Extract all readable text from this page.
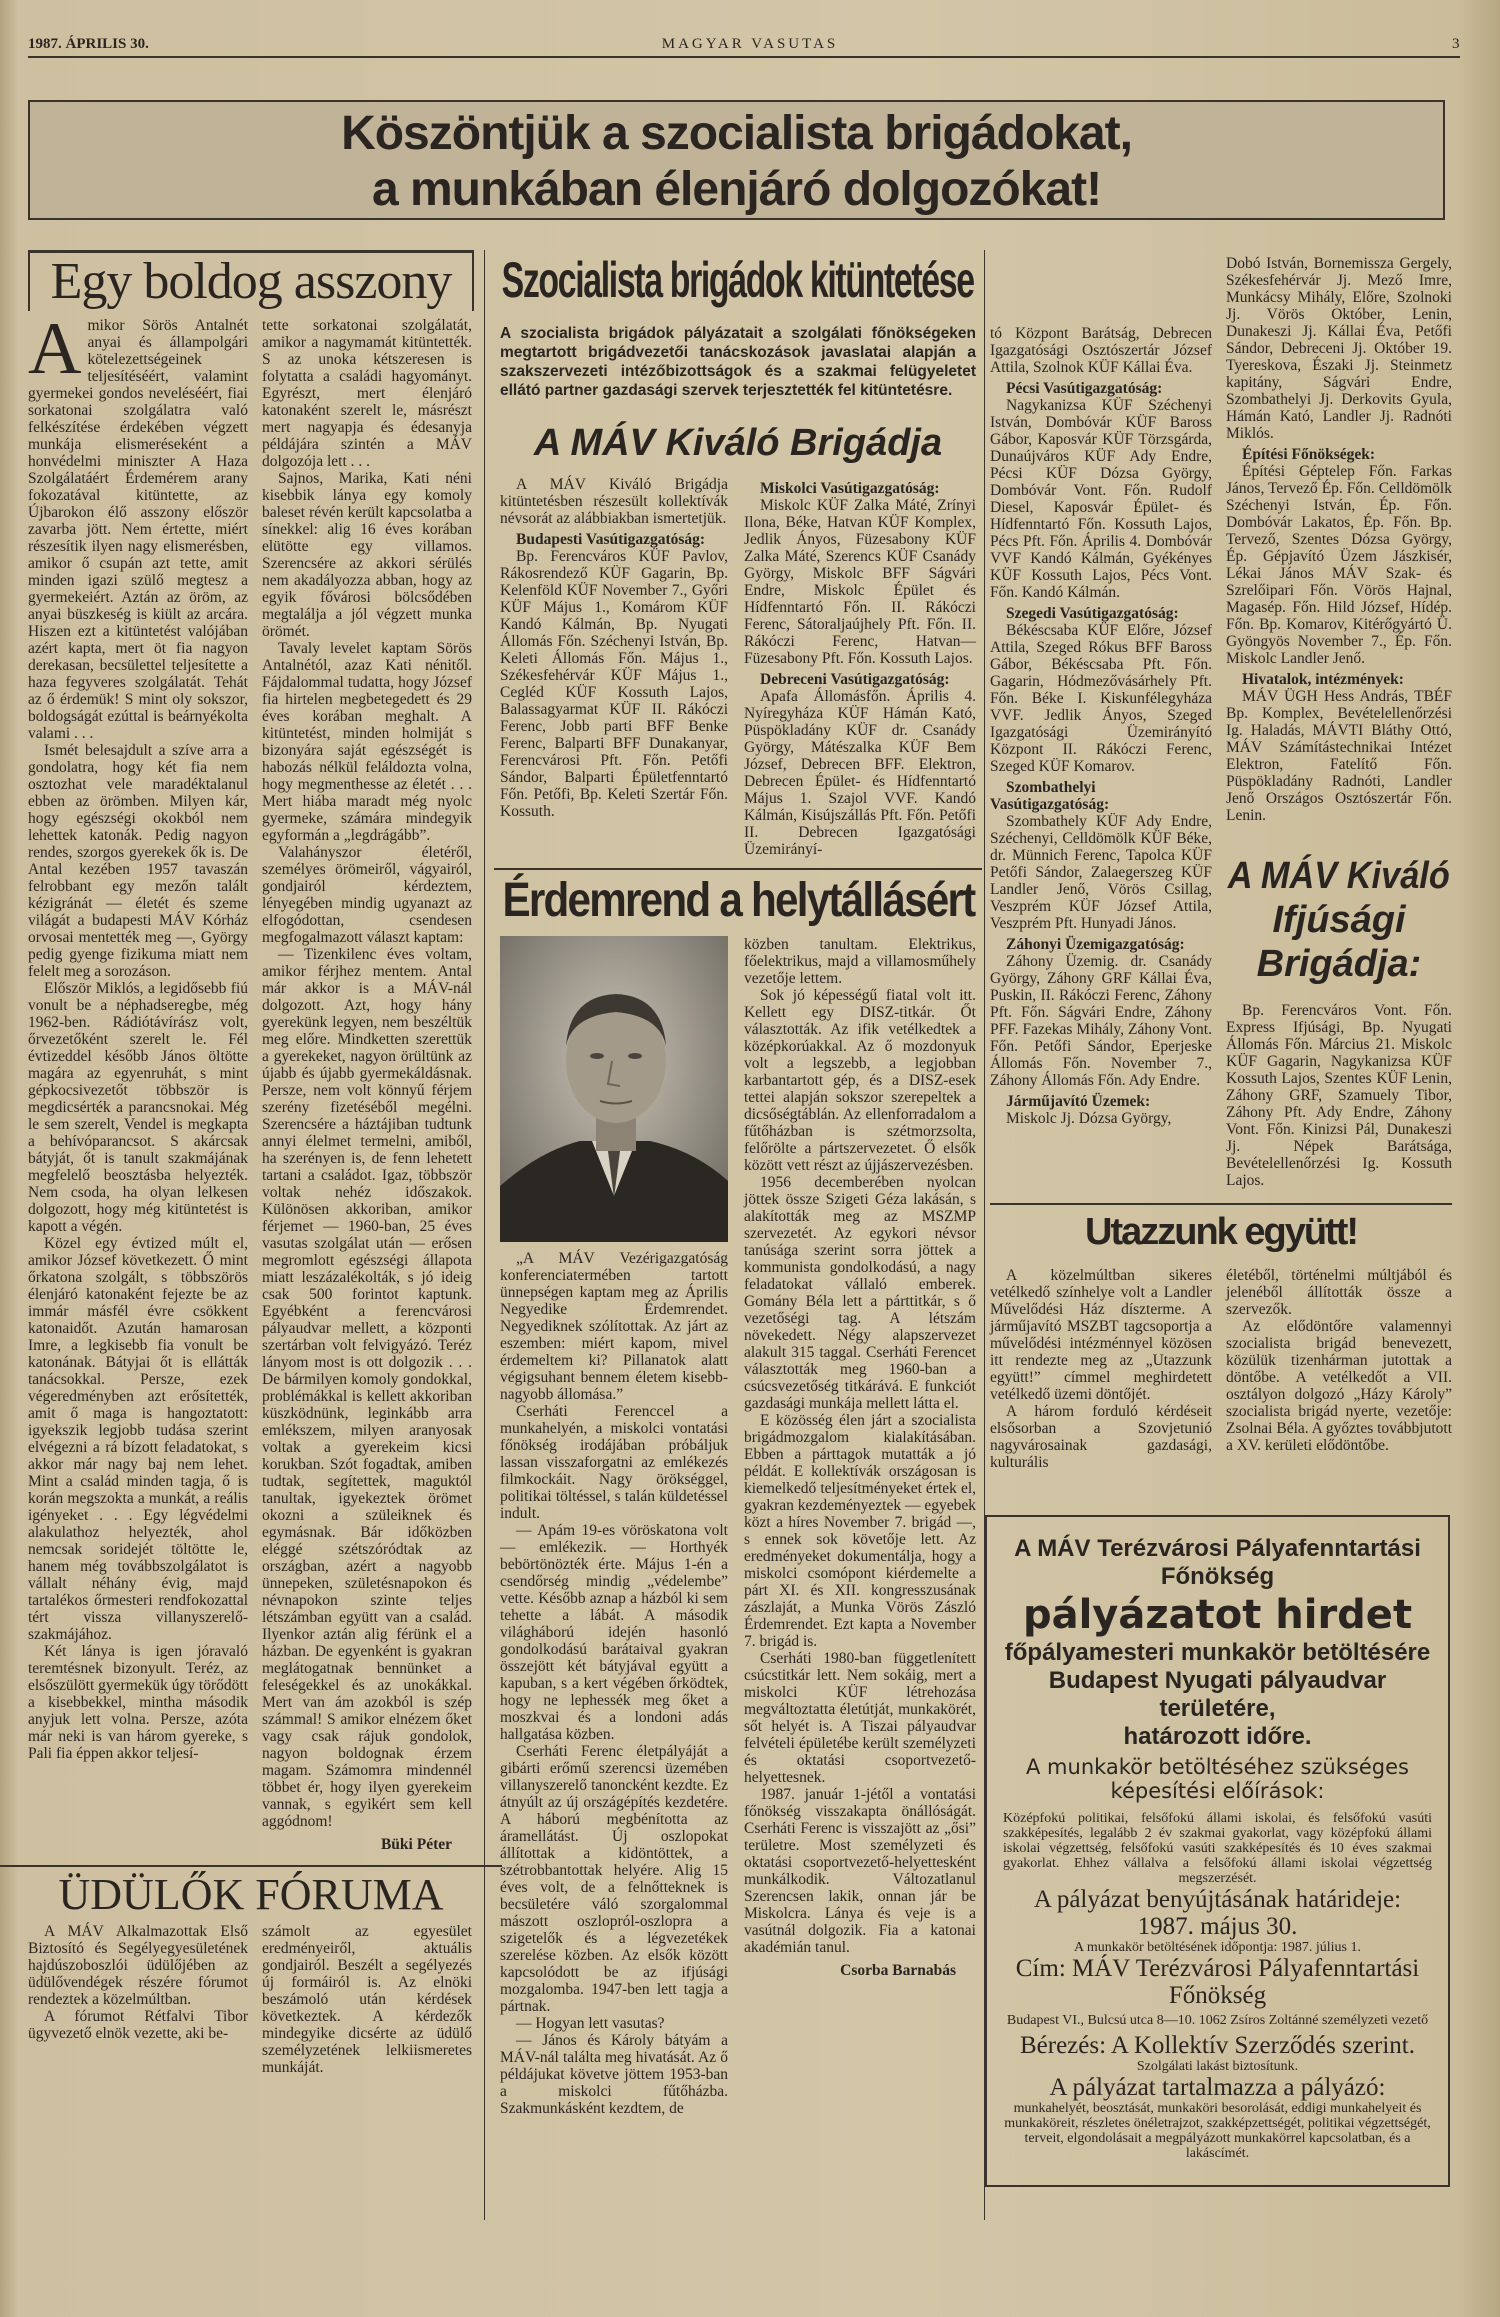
1987. ÁPRILIS 30.	MAGYAR VASUTAS	3
Köszöntjük a szocialista brigádokat,
a munkában élenjáró dolgozókat!
Egy boldog asszony

Amikor Sörös Antalnét anyai és állampolgári kötelezettségeinek teljesítéséért, valamint gyermekei gondos neveléséért, fiai sorkatonai szolgálatra való felkészítése érdekében végzett munkája elismeréseként a honvédelmi miniszter A Haza Szolgálatáért Érdemérem arany fokozatával kitüntette, az Újbarokon élő asszony először zavarba jött. Nem értette, miért részesítik ilyen nagy elismerésben, amikor ő csupán azt tette, amit minden igazi szülő megtesz a gyermekeiért. Aztán az öröm, az anyai büszkeség is kiült az arcára. Hiszen ezt a kitüntetést valójában azért kapta, mert öt fia nagyon derekasan, becsülettel teljesítette a haza fegyveres szolgálatát. Tehát az ő érdemük! S mint oly sokszor, boldogságát ezúttal is beárnyékolta valami . . .

Ismét belesajdult a szíve arra a gondolatra, hogy két fia nem osztozhat vele maradéktalanul ebben az örömben. Milyen kár, hogy egészségi okokból nem lehettek katonák. Pedig nagyon rendes, szorgos gyerekek ők is. De Antal kezében 1957 tavaszán felrobbant egy mezőn talált kézigránát — életét és szeme világát a budapesti MÁV Kórház orvosai mentették meg —, György pedig gyenge fizikuma miatt nem felelt meg a sorozáson.

Először Miklós, a legidősebb fiú vonult be a néphadseregbe, még 1962-ben. Rádiótávírász volt, őrvezetőként szerelt le. Fél évtizeddel később János öltötte magára az egyenruhát, s mint gépkocsivezetőt többször is megdicsérték a parancsnokai. Még le sem szerelt, Vendel is megkapta a behívóparancsot. S akárcsak bátyját, őt is tanult szakmájának megfelelő beosztásba helyezték. Nem csoda, ha olyan lelkesen dolgozott, hogy még kitüntetést is kapott a végén.

Közel egy évtized múlt el, amikor József következett. Ő mint őrkatona szolgált, s többszörös élenjáró katonaként fejezte be az immár másfél évre csökkent katonaidőt. Azután hamarosan Imre, a legkisebb fia vonult be katonának. Bátyjai őt is ellátták tanácsokkal. Persze, ezek végeredményben azt erősítették, amit ő maga is hangoztatott: igyekszik legjobb tudása szerint elvégezni a rá bízott feladatokat, s akkor már nagy baj nem lehet. Mint a család minden tagja, ő is korán megszokta a munkát, a reális igényeket . . . Egy légvédelmi alakulathoz helyezték, ahol nemcsak soridejét töltötte le, hanem még továbbszolgálatot is vállalt néhány évig, majd tartalékos őrmesteri rendfokozattal tért vissza villanyszerelő-szakmájához.

Két lánya is igen jóravaló teremtésnek bizonyult. Teréz, az elsőszülött gyermekük úgy törődött a kisebbekkel, mintha második anyjuk lett volna. Persze, azóta már neki is van három gyereke, s Pali fia éppen akkor teljesí-

tette sorkatonai szolgálatát, amikor a nagymamát kitüntették. S az unoka kétszeresen is folytatta a családi hagyományt. Egyrészt, mert élenjáró katonaként szerelt le, másrészt mert nagyapja és édesanyja példájára szintén a MÁV dolgozója lett . . .

Sajnos, Marika, Kati néni kisebbik lánya egy komoly baleset révén került kapcsolatba a sínekkel: alig 16 éves korában elütötte egy villamos. Szerencsére az akkori sérülés nem akadályozza abban, hogy az egyik fővárosi bölcsődében megtalálja a jól végzett munka örömét.

Tavaly levelet kaptam Sörös Antalnétól, azaz Kati nénitől. Fájdalommal tudatta, hogy József fia hirtelen megbetegedett és 29 éves korában meghalt. A kitüntetést, minden holmiját s bizonyára saját egészségét is habozás nélkül feláldozta volna, hogy megmenthesse az életét . . . Mert hiába maradt még nyolc gyermeke, számára mindegyik egyformán a „legdrágább”.

Valahányszor életéről, személyes örömeiről, vágyairól, gondjairól kérdeztem, lényegében mindig ugyanazt az elfogódottan, csendesen megfogalmazott választ kaptam:

— Tizenkilenc éves voltam, amikor férjhez mentem. Antal már akkor is a MÁV-nál dolgozott. Azt, hogy hány gyerekünk legyen, nem beszéltük meg előre. Mindketten szerettük a gyerekeket, nagyon örültünk az újabb és újabb gyermekáldásnak. Persze, nem volt könnyű férjem szerény fizetéséből megélni. Szerencsére a háztájiban tudtunk annyi élelmet termelni, amiből, ha szerényen is, de fenn lehetett tartani a családot. Igaz, többször voltak nehéz időszakok. Különösen akkoriban, amikor férjemet — 1960-ban, 25 éves vasutas szolgálat után — erősen megromlott egészségi állapota miatt leszázalékolták, s jó ideig csak 500 forintot kaptunk. Egyébként a ferencvárosi pályaudvar mellett, a központi szertárban volt felvigyázó. Teréz lányom most is ott dolgozik . . . De bármilyen komoly gondokkal, problémákkal is kellett akkoriban küszködnünk, leginkább arra emlékszem, milyen aranyosak voltak a gyerekeim kicsi korukban. Szót fogadtak, amiben tudtak, segítettek, maguktól tanultak, igyekeztek örömet okozni a szüleiknek és egymásnak. Bár időközben eléggé szétszóródtak az országban, azért a nagyobb ünnepeken, születésnapokon és névnapokon szinte teljes létszámban együtt van a család. Ilyenkor aztán alig férünk el a házban. De egyenként is gyakran meglátogatnak bennünket a feleségekkel és az unokákkal. Mert van ám azokból is szép számmal! S amikor elnézem őket vagy csak rájuk gondolok, nagyon boldognak érzem magam. Számomra mindennél többet ér, hogy ilyen gyerekeim vannak, s egyikért sem kell aggódnom!

Büki Péter
ÜDÜLŐK FÓRUMA

A MÁV Alkalmazottak Első Biztosító és Segélyegyesületének hajdúszoboszlói üdülőjében az üdülővendégek részére fórumot rendeztek a közelmúltban.

A fórumot Rétfalvi Tibor ügyvezető elnök vezette, aki be-

számolt az egyesület eredményeiről, aktuális gondjairól. Beszélt a segélyezés új formáiról is. Az elnöki beszámoló után kérdések következtek. A kérdezők mindegyike dicsérte az üdülő személyzetének lelkiismeretes munkáját.

Szocialista brigádok kitüntetése
A szocialista brigádok pályázatait a szolgálati főnökségeken megtartott brigádvezetői tanácskozások javaslatai alapján a szakszervezeti intézőbizottságok és a szakmai felügyeletet ellátó partner gazdasági szervek terjesztették fel kitüntetésre.
A MÁV Kiváló Brigádja

A MÁV Kiváló Brigádja kitüntetésben részesült kollektívák névsorát az alábbiakban ismertetjük.

Budapesti Vasútigazgatóság:

Bp. Ferencváros KÜF Pavlov, Rákosrendező KÜF Gagarin, Bp. Kelenföld KÜF November 7., Győri KÜF Május 1., Komárom KÜF Kandó Kálmán, Bp. Nyugati Állomás Főn. Széchenyi István, Bp. Keleti Állomás Főn. Május 1., Székesfehérvár KÜF Május 1., Cegléd KÜF Kossuth Lajos, Balassagyarmat KÜF II. Rákóczi Ferenc, Jobb parti BFF Benke Ferenc, Balparti BFF Dunakanyar, Ferencvárosi Pft. Főn. Petőfi Sándor, Balparti Épületfenntartó Főn. Petőfi, Bp. Keleti Szertár Főn. Kossuth.

Miskolci Vasútigazgatóság:

Miskolc KÜF Zalka Máté, Zrínyi Ilona, Béke, Hatvan KÜF Komplex, Jedlik Ányos, Füzesabony KÜF Zalka Máté, Szerencs KÜF Csanády György, Miskolc BFF Ságvári Endre, Miskolc Épület és Hídfenntartó Főn. II. Rákóczi Ferenc, Sátoraljaújhely Pft. Főn. II. Rákóczi Ferenc, Hatvan—Füzesabony Pft. Főn. Kossuth Lajos.

Debreceni Vasútigazgatóság:

Apafa Állomásfőn. Április 4. Nyíregyháza KÜF Hámán Kató, Püspökladány KÜF dr. Csanády György, Mátészalka KÜF Bem József, Debrecen BFF. Elektron, Debrecen Épület- és Hídfenntartó Május 1. Szajol VVF. Kandó Kálmán, Kisújszállás Pft. Főn. Petőfi II. Debrecen Igazgatósági Üzemirányí-

Érdemrend a helytállásért

„A MÁV Vezérigazgatóság konferenciatermében tartott ünnepségen kaptam meg az Április Negyedike Érdemrendet. Negyediknek szólítottak. Az járt az eszemben: miért kapom, mivel érdemeltem ki? Pillanatok alatt végigsuhant bennem életem kisebb-nagyobb állomása.”

Cserháti Ferenccel a munkahelyén, a miskolci vontatási főnökség irodájában próbáljuk lassan visszaforgatni az emlékezés filmkockáit. Nagy örökséggel, politikai töltéssel, s talán küldetéssel indult.

— Apám 19-es vöröskatona volt — emlékezik. — Horthyék bebörtönözték érte. Május 1-én a csendőrség mindig „védelembe” vette. Később aznap a házból ki sem tehette a lábát. A második világháború idején hasonló gondolkodású barátaival gyakran összejött két bátyjával együtt a kapuban, s a kert végében őrködtek, hogy ne lephessék meg őket a moszkvai és a londoni adás hallgatása közben.

Cserháti Ferenc életpályáját a gibárti erőmű szerencsi üzemében villanyszerelő tanoncként kezdte. Ez átnyúlt az új országépítés kezdetére. A háború megbénította az áramellátást. Új oszlopokat állítottak a kidöntöttek, a szétrobbantottak helyére. Alig 15 éves volt, de a felnőtteknek is becsületére váló szorgalommal mászott oszlopról-oszlopra a szigetelők és a légvezetékek szerelése közben. Az elsők között kapcsolódott be az ifjúsági mozgalomba. 1947-ben lett tagja a pártnak.

— Hogyan lett vasutas?

— János és Károly bátyám a MÁV-nál találta meg hivatását. Az ő példájukat követve jöttem 1953-ban a miskolci fűtőházba. Szakmunkásként kezdtem, de

közben tanultam. Elektrikus, főelektrikus, majd a villamosműhely vezetője lettem.

Sok jó képességű fiatal volt itt. Kellett egy DISZ-titkár. Őt választották. Az ifik vetélkedtek a középkorúakkal. Az ő mozdonyuk volt a legszebb, a legjobban karbantartott gép, és a DISZ-esek tettei alapján sokszor szerepeltek a dicsőségtáblán. Az ellenforradalom a fűtőházban is szétmorzsolta, felőrölte a pártszervezetet. Ő elsők között vett részt az újjászervezésben.

1956 decemberében nyolcan jöttek össze Szigeti Géza lakásán, s alakították meg az MSZMP szervezetét. Az egykori névsor tanúsága szerint sorra jöttek a kommunista gondolkodású, a nagy feladatokat vállaló emberek. Gomány Béla lett a párttitkár, s ő vezetőségi tag. A létszám növekedett. Négy alapszervezet alakult 315 taggal. Cserháti Ferencet választották meg 1960-ban a csúcsvezetőség titkárává. E funkciót gazdasági munkája mellett látta el.

E közösség élen járt a szocialista brigádmozgalom kialakításában. Ebben a párttagok mutatták a jó példát. E kollektívák országosan is kiemelkedő teljesítményeket értek el, gyakran kezdeményeztek — egyebek közt a híres November 7. brigád —, s ennek sok követője lett. Az eredményeket dokumentálja, hogy a miskolci csomópont kiérdemelte a párt XI. és XII. kongresszusának zászlaját, a Munka Vörös Zászló Érdemrendet. Ezt kapta a November 7. brigád is.

Cserháti 1980-ban függetlenített csúcstitkár lett. Nem sokáig, mert a miskolci KÜF létrehozása megváltoztatta életútját, munkakörét, sőt helyét is. A Tiszai pályaudvar felvételi épületébe került személyzeti és oktatási csoportvezető-helyettesnek.

1987. január 1-jétől a vontatási főnökség visszakapta önállóságát. Cserháti Ferenc is visszajött az „ősi” területre. Most személyzeti és oktatási csoportvezető-helyettesként munkálkodik. Változatlanul Szerencsen lakik, onnan jár be Miskolcra. Lánya és veje is a vasútnál dolgozik. Fia a katonai akadémián tanul.

Csorba Barnabás

tó Központ Barátság, Debrecen Igazgatósági Osztószertár József Attila, Szolnok KÜF Kállai Éva.

Pécsi Vasútigazgatóság:

Nagykanizsa KÜF Széchenyi István, Dombóvár KÜF Baross Gábor, Kaposvár KÜF Törzsgárda, Dunaújváros KÜF Ady Endre, Pécsi KÜF Dózsa György, Dombóvár Vont. Főn. Rudolf Diesel, Kaposvár Épület- és Hídfenntartó Főn. Kossuth Lajos, Pécs Pft. Főn. Április 4. Dombóvár VVF Kandó Kálmán, Gyékényes KÜF Kossuth Lajos, Pécs Vont. Főn. Kandó Kálmán.

Szegedi Vasútigazgatóság:

Békéscsaba KÜF Előre, József Attila, Szeged Rókus BFF Baross Gábor, Békéscsaba Pft. Főn. Gagarin, Hódmezővásárhely Pft. Főn. Béke I. Kiskunfélegyháza VVF. Jedlik Ányos, Szeged Igazgatósági Üzemirányító Központ II. Rákóczi Ferenc, Szeged KÜF Komarov.

Szombathelyi Vasútigazgatóság:

Szombathely KÜF Ady Endre, Széchenyi, Celldömölk KÜF Béke, dr. Münnich Ferenc, Tapolca KÜF Petőfi Sándor, Zalaegerszeg KÜF Landler Jenő, Vörös Csillag, Veszprém KÜF József Attila, Veszprém Pft. Hunyadi János.

Záhonyi Üzemigazgatóság:

Záhony Üzemig. dr. Csanády György, Záhony GRF Kállai Éva, Puskin, II. Rákóczi Ferenc, Záhony Pft. Főn. Ságvári Endre, Záhony PFF. Fazekas Mihály, Záhony Vont. Főn. Petőfi Sándor, Eperjeske Állomás Főn. November 7., Záhony Állomás Főn. Ady Endre.

Járműjavító Üzemek:

Miskolc Jj. Dózsa György,

Dobó István, Bornemissza Gergely, Székesfehérvár Jj. Mező Imre, Munkácsy Mihály, Előre, Szolnoki Jj. Vörös Október, Lenin, Dunakeszi Jj. Kállai Éva, Petőfi Sándor, Debreceni Jj. Október 19. Tyereskova, Északi Jj. Steinmetz kapitány, Ságvári Endre, Szombathelyi Jj. Derkovits Gyula, Hámán Kató, Landler Jj. Radnóti Miklós.

Építési Főnökségek:

Építési Géptelep Főn. Farkas János, Tervező Ép. Főn. Celldömölk Széchenyi István, Ép. Főn. Dombóvár Lakatos, Ép. Főn. Bp. Tervező, Szentes Dózsa György, Ép. Gépjavító Üzem Jászkisér, Lékai János MÁV Szak- és Szrelőipari Főn. Vörös Hajnal, Magasép. Főn. Hild József, Hídép. Főn. Bp. Komarov, Kitérőgyártó Ü. Gyöngyös November 7., Ép. Főn. Miskolc Landler Jenő.

Hivatalok, intézmények:

MÁV ÜGH Hess András, TBÉF Bp. Komplex, Bevételellenőrzési Ig. Haladás, MÁVTI Bláthy Ottó, MÁV Számítástechnikai Intézet Elektron, Fatelítő Főn. Püspökladány Radnóti, Landler Jenő Országos Osztószertár Főn. Lenin.

A MÁV Kiváló
Ifjúsági
Brigádja:

Bp. Ferencváros Vont. Főn. Express Ifjúsági, Bp. Nyugati Állomás Főn. Március 21. Miskolc KÜF Gagarin, Nagykanizsa KÜF Kossuth Lajos, Szentes KÜF Lenin, Záhony GRF, Szamuely Tibor, Záhony Pft. Ady Endre, Záhony Vont. Főn. Kinizsi Pál, Dunakeszi Jj. Népek Barátsága, Bevételellenőrzési Ig. Kossuth Lajos.

Utazzunk együtt!

A közelmúltban sikeres vetélkedő színhelye volt a Landler Művelődési Ház díszterme. A járműjavító MSZBT tagcsoportja a művelődési intézménnyel közösen itt rendezte meg az „Utazzunk együtt!” címmel meghirdetett vetélkedő üzemi döntőjét.

A három forduló kérdéseit elsősorban a Szovjetunió nagyvárosainak gazdasági, kulturális

életéből, történelmi múltjából és jelenéből állították össze a szervezők.

Az elődöntőre valamennyi szocialista brigád benevezett, közülük tizenhárman jutottak a döntőbe. A vetélkedőt a VII. osztályon dolgozó „Házy Károly” szocialista brigád nyerte, vezetője: Zsolnai Béla. A győztes továbbjutott a XV. kerületi elődöntőbe.

A MÁV Terézvárosi Pályafenntartási Főnökség
pályázatot hirdet
főpályamesteri munkakör betöltésére Budapest Nyugati pályaudvar területére,
határozott időre.
A munkakör betöltéséhez szükséges képesítési előírások:
Középfokú politikai, felsőfokú állami iskolai, és felsőfokú vasúti szakképesítés, legalább 2 év szakmai gyakorlat, vagy középfokú állami iskolai végzettség, felsőfokú vasúti szakképesítés és 10 éves szakmai gyakorlat. Ehhez vállalva a felsőfokú állami iskolai végzettség megszerzését.
A pályázat benyújtásának határideje:
1987. május 30.
A munkakör betöltésének időpontja: 1987. július 1.
Cím: MÁV Terézvárosi Pályafenntartási Főnökség
Budapest VI., Bulcsú utca 8—10. 1062 Zsíros Zoltánné személyzeti vezető
Bérezés: A Kollektív Szerződés szerint.
Szolgálati lakást biztosítunk.
A pályázat tartalmazza a pályázó:
munkahelyét, beosztását, munkaköri besorolását, eddigi munkahelyeit és munkaköreit, részletes önéletrajzot, szakképzettségét, politikai végzettségét, terveit, elgondolásait a megpályázott munkakörrel kapcsolatban, és a lakáscímét.
